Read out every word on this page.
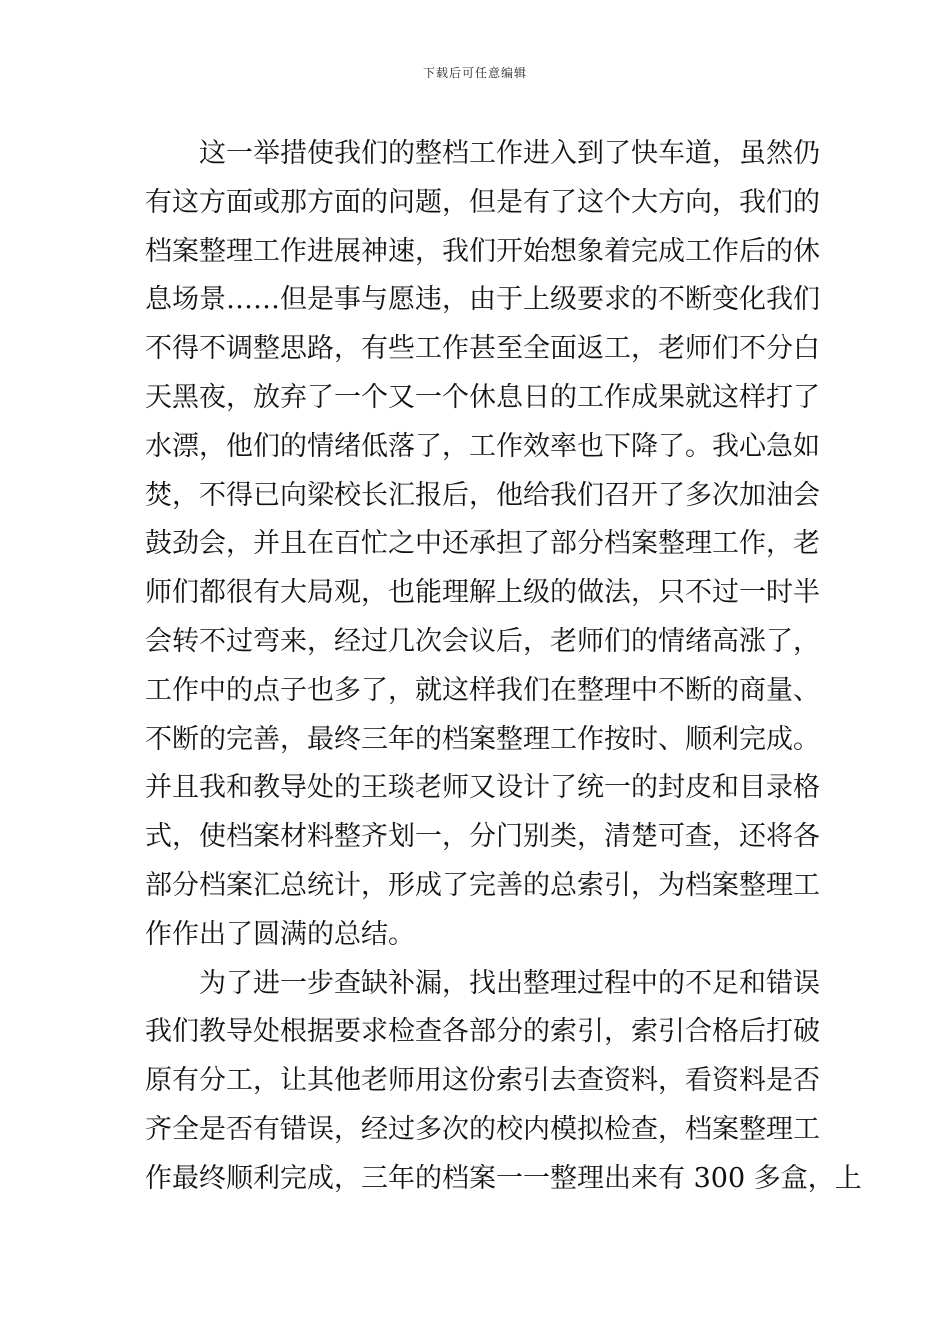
下载后可任意编辑
　　这一举措使我们的整档工作进入到了快车道，虽然仍
有这方面或那方面的问题，但是有了这个大方向，我们的
档案整理工作进展神速，我们开始想象着完成工作后的休
息场景……但是事与愿违，由于上级要求的不断变化我们
不得不调整思路，有些工作甚至全面返工，老师们不分白
天黑夜，放弃了一个又一个休息日的工作成果就这样打了
水漂，他们的情绪低落了，工作效率也下降了。我心急如
焚，不得已向梁校长汇报后，他给我们召开了多次加油会
鼓劲会，并且在百忙之中还承担了部分档案整理工作，老
师们都很有大局观，也能理解上级的做法，只不过一时半
会转不过弯来，经过几次会议后，老师们的情绪高涨了，
工作中的点子也多了，就这样我们在整理中不断的商量、
不断的完善，最终三年的档案整理工作按时、顺利完成。
并且我和教导处的王琰老师又设计了统一的封皮和目录格
式，使档案材料整齐划一，分门别类，清楚可查，还将各
部分档案汇总统计，形成了完善的总索引，为档案整理工
作作出了圆满的总结。
　　为了进一步查缺补漏，找出整理过程中的不足和错误
我们教导处根据要求检查各部分的索引，索引合格后打破
原有分工，让其他老师用这份索引去查资料，看资料是否
齐全是否有错误，经过多次的校内模拟检查，档案整理工
作最终顺利完成，三年的档案一一整理出来有 300 多盒，上
